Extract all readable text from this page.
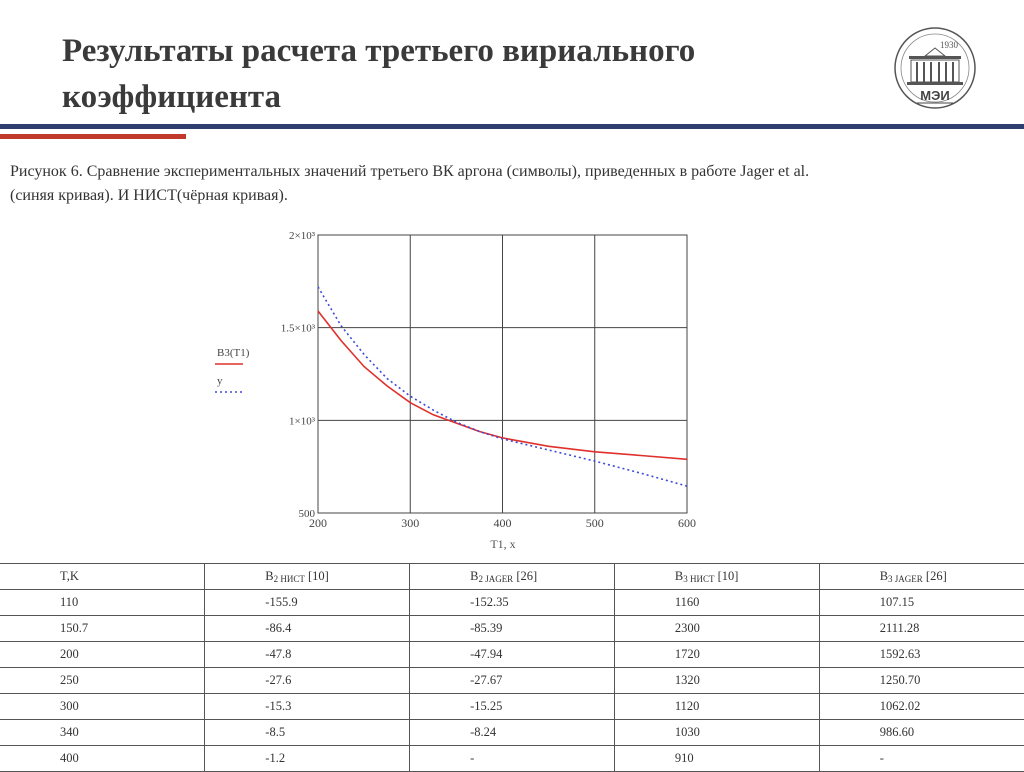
Результаты расчета третьего вириального
коэффициента
1930
МЭИ
Рисунок 6. Сравнение экспериментальных значений третьего ВК аргона (символы), приведенных в работе Jager et al.
(синяя кривая). И НИСТ(чёрная кривая).
200	300	400	500	600
500
1×10³
1.5×10³
2×10³
B3(T1)
y
T1, x
T,K	B2 НИСТ [10]	B2 JAGER [26]	B3 НИСТ [10]	B3 JAGER [26]
110	-155.9	-152.35	1160	107.15
150.7	-86.4	-85.39	2300	2111.28
200	-47.8	-47.94	1720	1592.63
250	-27.6	-27.67	1320	1250.70
300	-15.3	-15.25	1120	1062.02
340	-8.5	-8.24	1030	986.60
400	-1.2	-	910	-
